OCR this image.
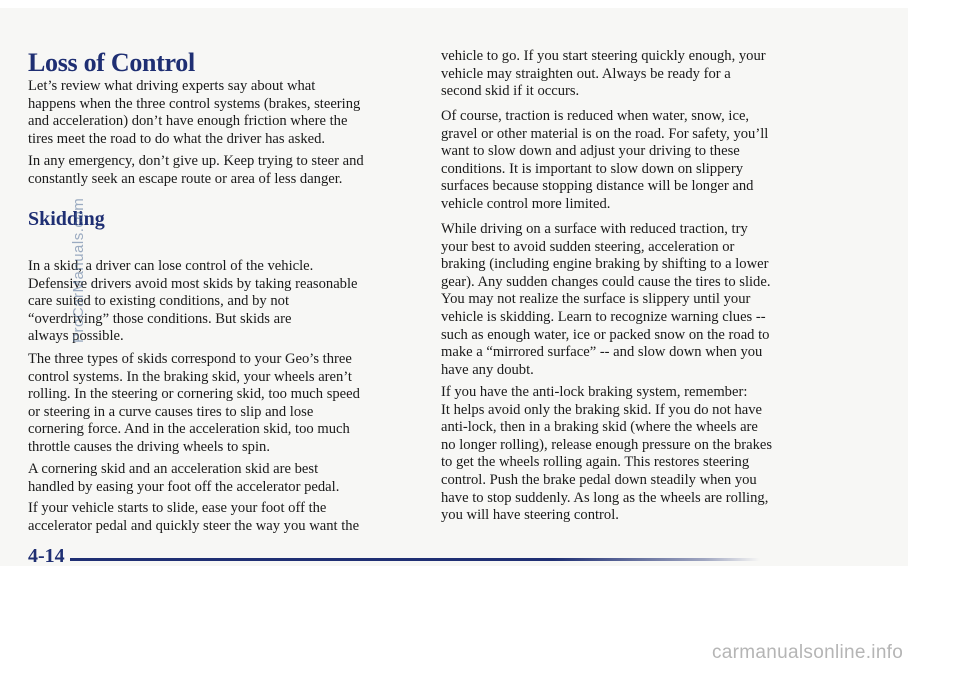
Loss of Control

Let’s review what driving experts say about what
happens when the three control systems (brakes, steering
and acceleration) don’t have enough friction where the
tires meet the road to do what the driver has asked.

In any emergency, don’t give up. Keep trying to steer and
constantly seek an escape route or area of less danger.

Skidding

In a skid, a driver can lose control of the vehicle.
Defensive drivers avoid most skids by taking reasonable
care suited to existing conditions, and by not
“overdriving” those conditions. But skids are
always possible.

The three types of skids correspond to your Geo’s three
control systems. In the braking skid, your wheels aren’t
rolling. In the steering or cornering skid, too much speed
or steering in a curve causes tires to slip and lose
cornering force. And in the acceleration skid, too much
throttle causes the driving wheels to spin.

A cornering skid and an acceleration skid are best
handled by easing your foot off the accelerator pedal.

If your vehicle starts to slide, ease your foot off the
accelerator pedal and quickly steer the way you want the

vehicle to go. If you start steering quickly enough, your
vehicle may straighten out. Always be ready for a
second skid if it occurs.

Of course, traction is reduced when water, snow, ice,
gravel or other material is on the road. For safety, you’ll
want to slow down and adjust your driving to these
conditions. It is important to slow down on slippery
surfaces because stopping distance will be longer and
vehicle control more limited.

While driving on a surface with reduced traction, try
your best to avoid sudden steering, acceleration or
braking (including engine braking by shifting to a lower
gear). Any sudden changes could cause the tires to slide.
You may not realize the surface is slippery until your
vehicle is skidding. Learn to recognize warning clues --
such as enough water, ice or packed snow on the road to
make a “mirrored surface” -- and slow down when you
have any doubt.

If you have the anti-lock braking system, remember:
It helps avoid only the braking skid. If you do not have
anti-lock, then in a braking skid (where the wheels are
no longer rolling), release enough pressure on the brakes
to get the wheels rolling again. This restores steering
control. Push the brake pedal down steadily when you
have to stop suddenly. As long as the wheels are rolling,
you will have steering control.

4-14
ProCarManuals.com
carmanualsonline.info
